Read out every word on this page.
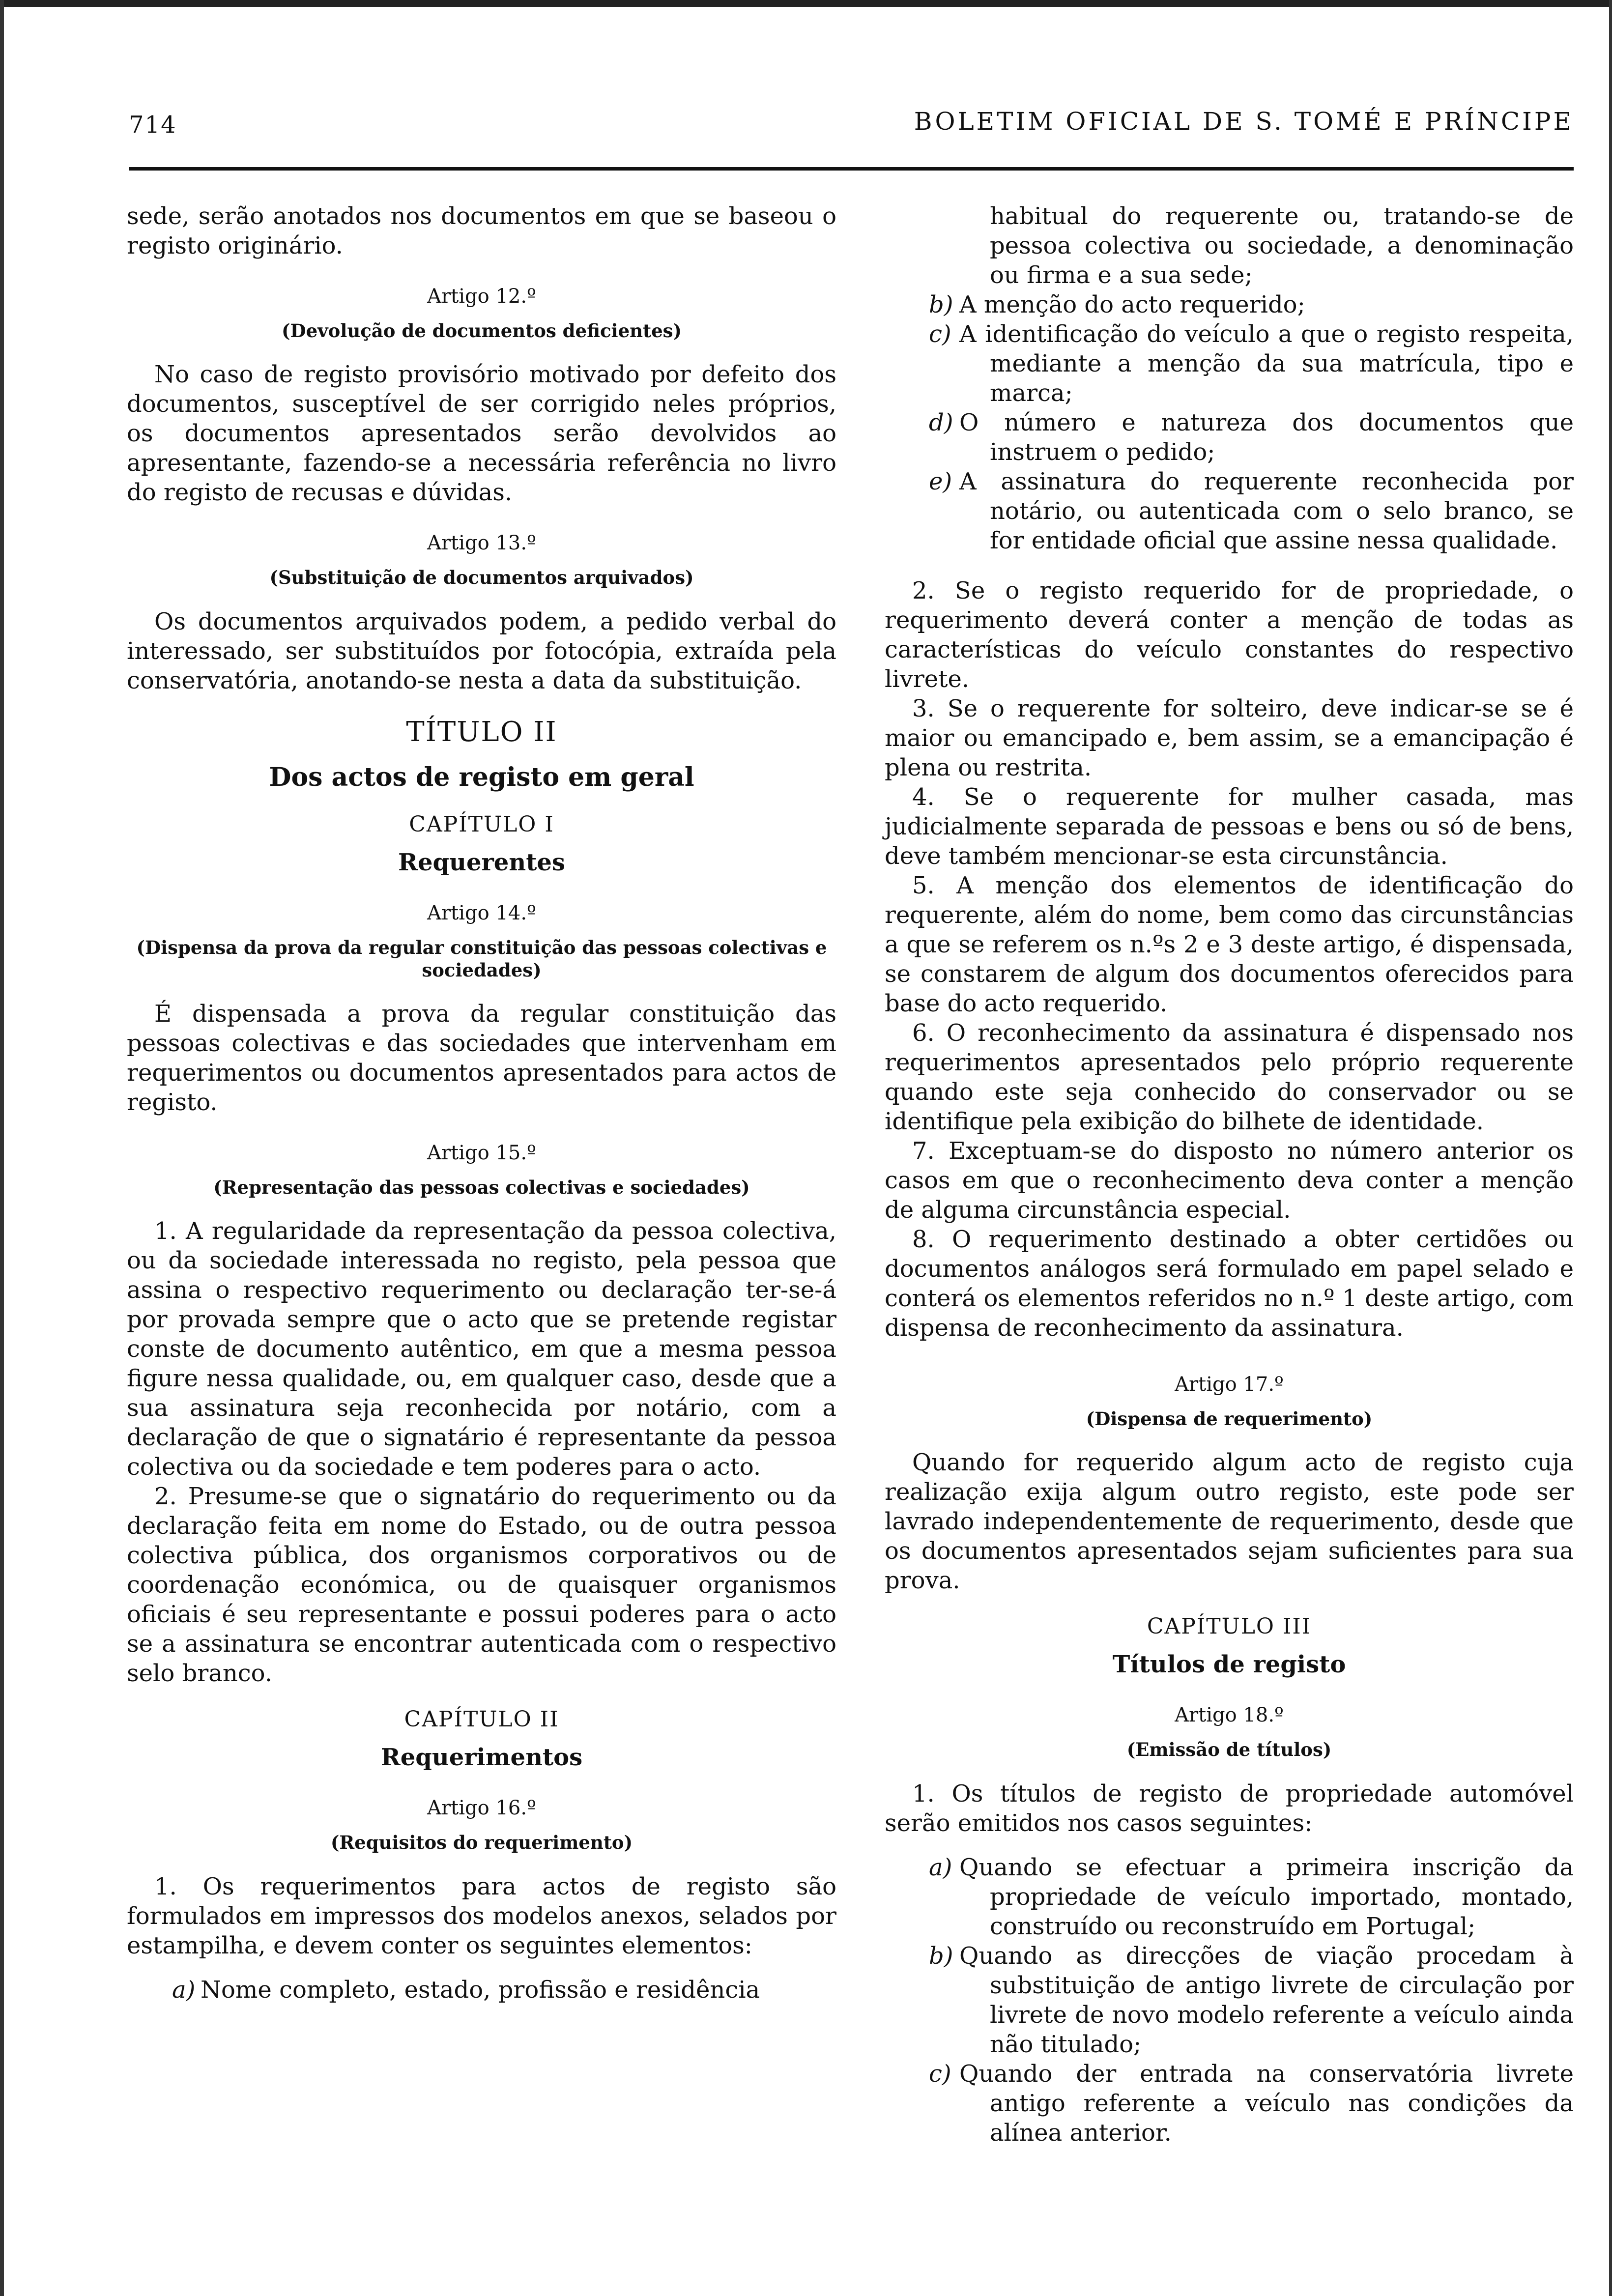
714	BOLETIM OFICIAL DE S. TOMÉ E PRÍNCIPE

sede, serão anotados nos documentos em que se baseou o registo originário.

Artigo 12.º
(Devolução de documentos deficientes)

No caso de registo provisório motivado por defeito dos documentos, susceptível de ser corrigido neles próprios, os documentos apresentados serão devolvidos ao apresentante, fazendo-se a necessária referência no livro do registo de recusas e dúvidas.

Artigo 13.º
(Substituição de documentos arquivados)

Os documentos arquivados podem, a pedido verbal do interessado, ser substituídos por fotocópia, extraída pela conservatória, anotando-se nesta a data da substituição.

TÍTULO II
Dos actos de registo em geral
CAPÍTULO I
Requerentes
Artigo 14.º
(Dispensa da prova da regular constituição das pessoas colectivas e sociedades)

É dispensada a prova da regular constituição das pessoas colectivas e das sociedades que intervenham em requerimentos ou documentos apresentados para actos de registo.

Artigo 15.º
(Representação das pessoas colectivas e sociedades)

1. A regularidade da representação da pessoa colectiva, ou da sociedade interessada no registo, pela pessoa que assina o respectivo requerimento ou declaração ter-se-á por provada sempre que o acto que se pretende registar conste de documento autêntico, em que a mesma pessoa figure nessa qualidade, ou, em qualquer caso, desde que a sua assinatura seja reconhecida por notário, com a declaração de que o signatário é representante da pessoa colectiva ou da sociedade e tem poderes para o acto.

2. Presume-se que o signatário do requerimento ou da declaração feita em nome do Estado, ou de outra pessoa colectiva pública, dos organismos corporativos ou de coordenação económica, ou de quaisquer organismos oficiais é seu representante e possui poderes para o acto se a assinatura se encontrar autenticada com o respectivo selo branco.

CAPÍTULO II
Requerimentos
Artigo 16.º
(Requisitos do requerimento)

1. Os requerimentos para actos de registo são formulados em impressos dos modelos anexos, selados por estampilha, e devem conter os seguintes elementos:

a) Nome completo, estado, profissão e residência

habitual do requerente ou, tratando-se de pessoa colectiva ou sociedade, a denominação ou firma e a sua sede;

b) A menção do acto requerido;
c) A identificação do veículo a que o registo respeita, mediante a menção da sua matrícula, tipo e marca;
d) O número e natureza dos documentos que instruem o pedido;
e) A assinatura do requerente reconhecida por notário, ou autenticada com o selo branco, se for entidade oficial que assine nessa qualidade.

2. Se o registo requerido for de propriedade, o requerimento deverá conter a menção de todas as características do veículo constantes do respectivo livrete.

3. Se o requerente for solteiro, deve indicar-se se é maior ou emancipado e, bem assim, se a emancipação é plena ou restrita.

4. Se o requerente for mulher casada, mas judicialmente separada de pessoas e bens ou só de bens, deve também mencionar-se esta circunstância.

5. A menção dos elementos de identificação do requerente, além do nome, bem como das circunstâncias a que se referem os n.ºs 2 e 3 deste artigo, é dispensada, se constarem de algum dos documentos oferecidos para base do acto requerido.

6. O reconhecimento da assinatura é dispensado nos requerimentos apresentados pelo próprio requerente quando este seja conhecido do conservador ou se identifique pela exibição do bilhete de identidade.

7. Exceptuam-se do disposto no número anterior os casos em que o reconhecimento deva conter a menção de alguma circunstância especial.

8. O requerimento destinado a obter certidões ou documentos análogos será formulado em papel selado e conterá os elementos referidos no n.º 1 deste artigo, com dispensa de reconhecimento da assinatura.

Artigo 17.º
(Dispensa de requerimento)

Quando for requerido algum acto de registo cuja realização exija algum outro registo, este pode ser lavrado independentemente de requerimento, desde que os documentos apresentados sejam suficientes para sua prova.

CAPÍTULO III
Títulos de registo
Artigo 18.º
(Emissão de títulos)

1. Os títulos de registo de propriedade automóvel serão emitidos nos casos seguintes:

a) Quando se efectuar a primeira inscrição da propriedade de veículo importado, montado, construído ou reconstruído em Portugal;
b) Quando as direcções de viação procedam à substituição de antigo livrete de circulação por livrete de novo modelo referente a veículo ainda não titulado;
c) Quando der entrada na conservatória livrete antigo referente a veículo nas condições da alínea anterior.
